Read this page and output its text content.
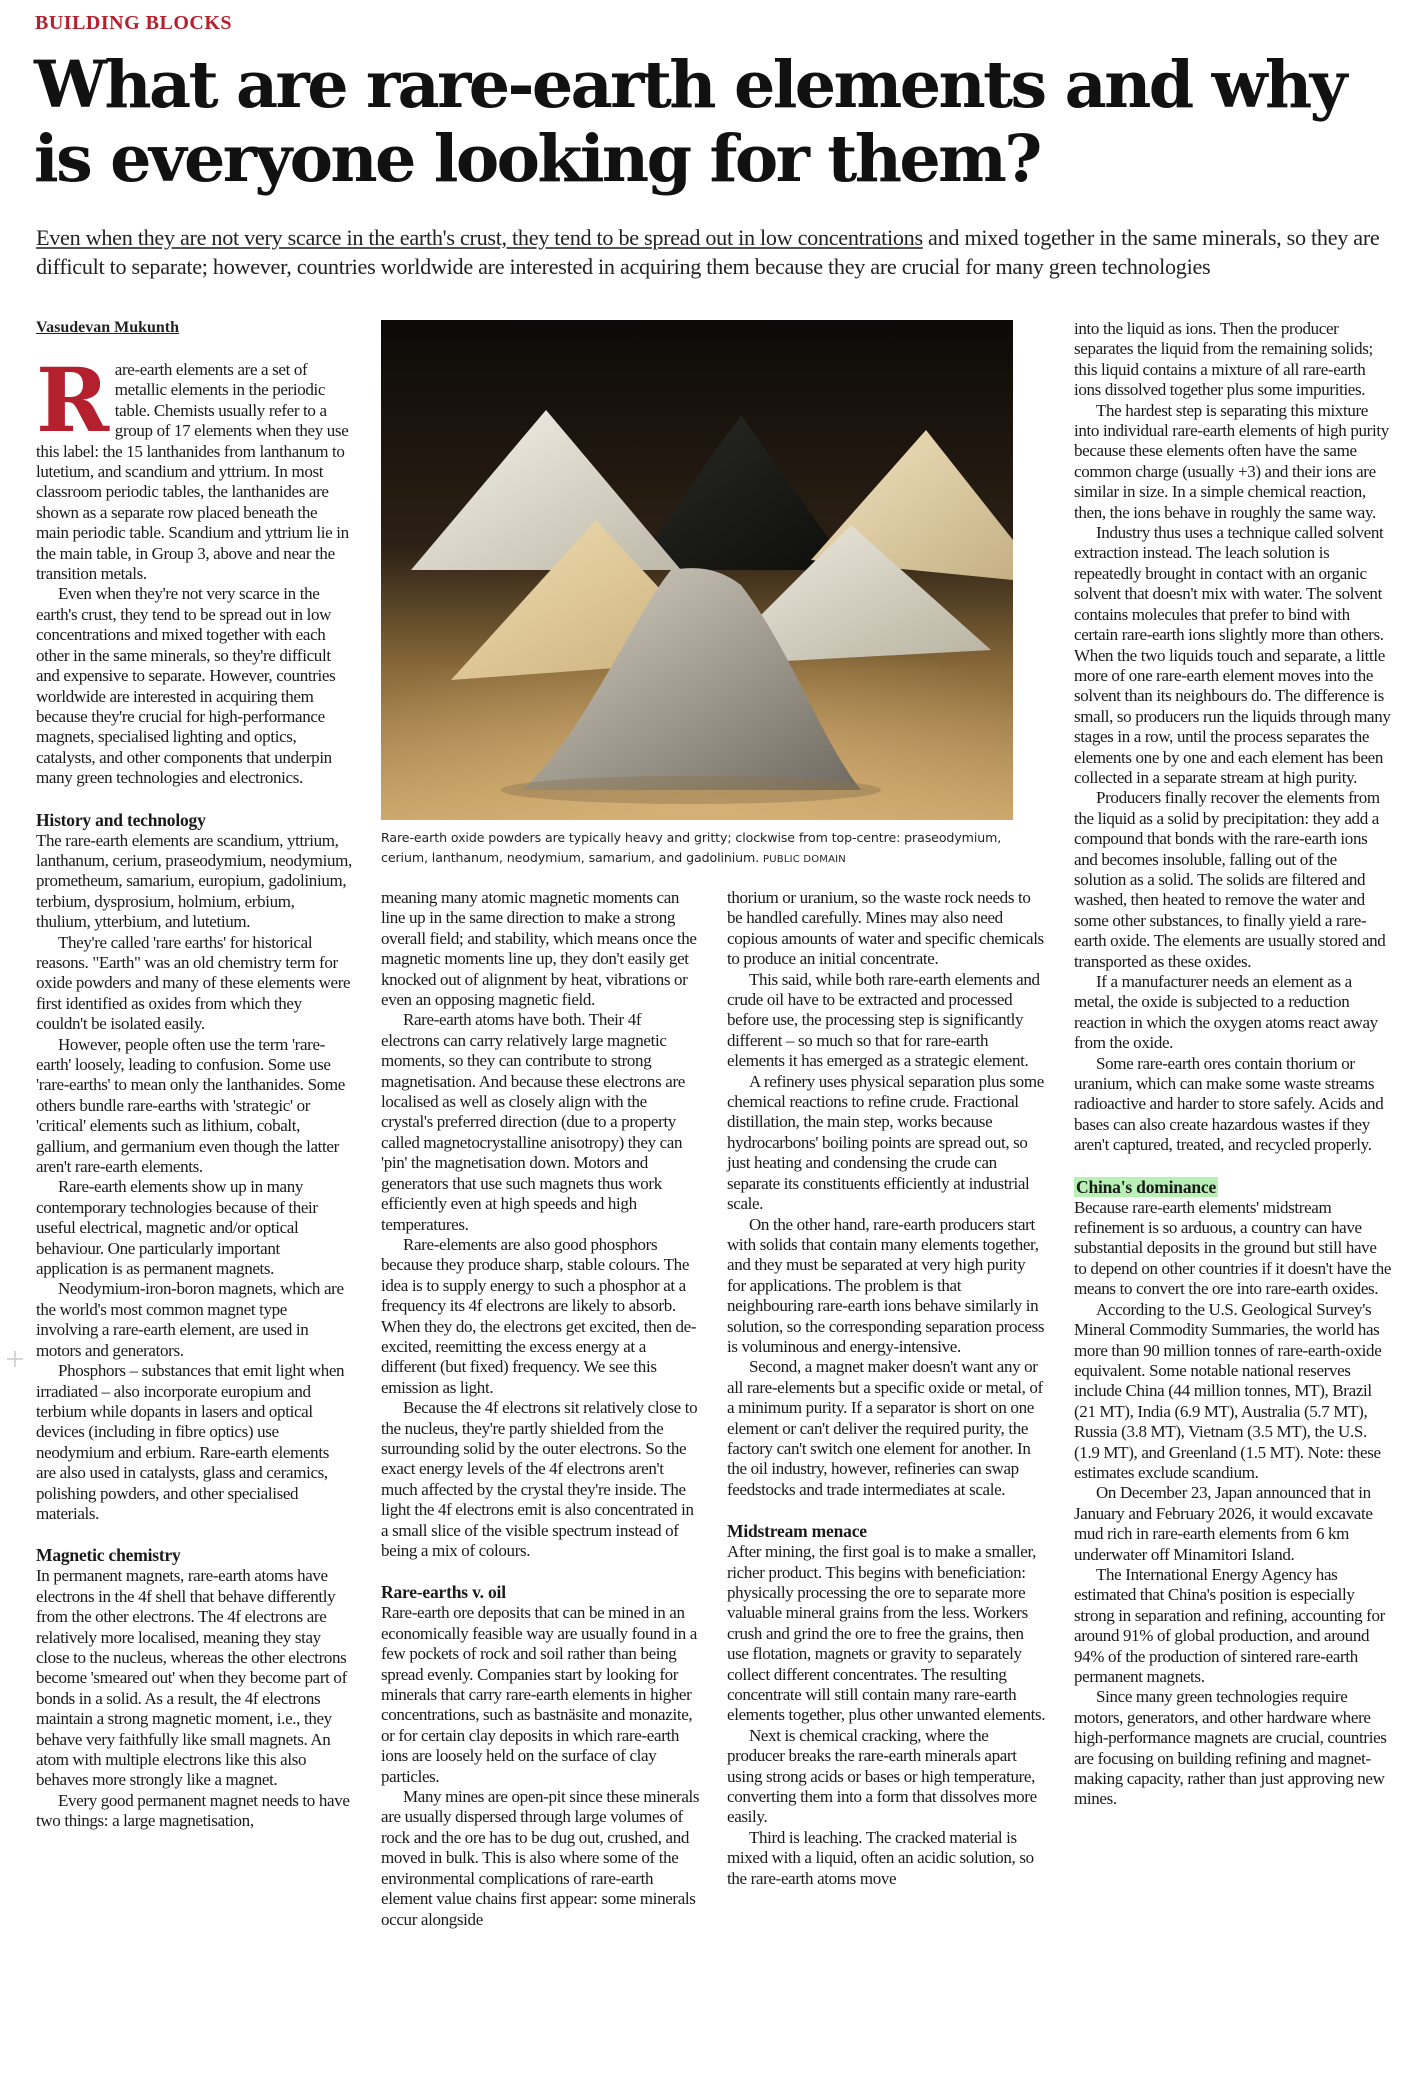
BUILDING BLOCKS
What are rare-earth elements and why is everyone looking for them?

Even when they are not very scarce in the earth's crust, they tend to be spread out in low concentrations and mixed together in the same minerals, so they are difficult to separate; however, countries worldwide are interested in acquiring them because they are crucial for many green technologies

Vasudevan Mukunth

Rare-earth elements are a set of metallic elements in the periodic table. Chemists usually refer to a group of 17 elements when they use this label: the 15 lanthanides from lanthanum to lutetium, and scandium and yttrium. In most classroom periodic tables, the lanthanides are shown as a separate row placed beneath the main periodic table. Scandium and yttrium lie in the main table, in Group 3, above and near the transition metals.

Even when they're not very scarce in the earth's crust, they tend to be spread out in low concentrations and mixed together with each other in the same minerals, so they're difficult and expensive to separate. However, countries worldwide are interested in acquiring them because they're crucial for high-performance magnets, specialised lighting and optics, catalysts, and other components that underpin many green technologies and electronics.

History and technology

The rare-earth elements are scandium, yttrium, lanthanum, cerium, praseodymium, neodymium, prometheum, samarium, europium, gadolinium, terbium, dysprosium, holmium, erbium, thulium, ytterbium, and lutetium.

They're called 'rare earths' for historical reasons. "Earth" was an old chemistry term for oxide powders and many of these elements were first identified as oxides from which they couldn't be isolated easily.

However, people often use the term 'rare-earth' loosely, leading to confusion. Some use 'rare-earths' to mean only the lanthanides. Some others bundle rare-earths with 'strategic' or 'critical' elements such as lithium, cobalt, gallium, and germanium even though the latter aren't rare-earth elements.

Rare-earth elements show up in many contemporary technologies because of their useful electrical, magnetic and/or optical behaviour. One particularly important application is as permanent magnets.

Neodymium-iron-boron magnets, which are the world's most common magnet type involving a rare-earth element, are used in motors and generators.

Phosphors – substances that emit light when irradiated – also incorporate europium and terbium while dopants in lasers and optical devices (including in fibre optics) use neodymium and erbium. Rare-earth elements are also used in catalysts, glass and ceramics, polishing powders, and other specialised materials.

Magnetic chemistry

In permanent magnets, rare-earth atoms have electrons in the 4f shell that behave differently from the other electrons. The 4f electrons are relatively more localised, meaning they stay close to the nucleus, whereas the other electrons become 'smeared out' when they become part of bonds in a solid. As a result, the 4f electrons maintain a strong magnetic moment, i.e., they behave very faithfully like small magnets. An atom with multiple electrons like this also behaves more strongly like a magnet.

Every good permanent magnet needs to have two things: a large magnetisation,

Rare-earth oxide powders are typically heavy and gritty; clockwise from top-centre: praseodymium, cerium, lanthanum, neodymium, samarium, and gadolinium. PUBLIC DOMAIN

meaning many atomic magnetic moments can line up in the same direction to make a strong overall field; and stability, which means once the magnetic moments line up, they don't easily get knocked out of alignment by heat, vibrations or even an opposing magnetic field.

Rare-earth atoms have both. Their 4f electrons can carry relatively large magnetic moments, so they can contribute to strong magnetisation. And because these electrons are localised as well as closely align with the crystal's preferred direction (due to a property called magnetocrystalline anisotropy) they can 'pin' the magnetisation down. Motors and generators that use such magnets thus work efficiently even at high speeds and high temperatures.

Rare-elements are also good phosphors because they produce sharp, stable colours. The idea is to supply energy to such a phosphor at a frequency its 4f electrons are likely to absorb. When they do, the electrons get excited, then de-excited, reemitting the excess energy at a different (but fixed) frequency. We see this emission as light.

Because the 4f electrons sit relatively close to the nucleus, they're partly shielded from the surrounding solid by the outer electrons. So the exact energy levels of the 4f electrons aren't much affected by the crystal they're inside. The light the 4f electrons emit is also concentrated in a small slice of the visible spectrum instead of being a mix of colours.

Rare-earths v. oil

Rare-earth ore deposits that can be mined in an economically feasible way are usually found in a few pockets of rock and soil rather than being spread evenly. Companies start by looking for minerals that carry rare-earth elements in higher concentrations, such as bastnäsite and monazite, or for certain clay deposits in which rare-earth ions are loosely held on the surface of clay particles.

Many mines are open-pit since these minerals are usually dispersed through large volumes of rock and the ore has to be dug out, crushed, and moved in bulk. This is also where some of the environmental complications of rare-earth element value chains first appear: some minerals occur alongside

thorium or uranium, so the waste rock needs to be handled carefully. Mines may also need copious amounts of water and specific chemicals to produce an initial concentrate.

This said, while both rare-earth elements and crude oil have to be extracted and processed before use, the processing step is significantly different – so much so that for rare-earth elements it has emerged as a strategic element.

A refinery uses physical separation plus some chemical reactions to refine crude. Fractional distillation, the main step, works because hydrocarbons' boiling points are spread out, so just heating and condensing the crude can separate its constituents efficiently at industrial scale.

On the other hand, rare-earth producers start with solids that contain many elements together, and they must be separated at very high purity for applications. The problem is that neighbouring rare-earth ions behave similarly in solution, so the corresponding separation process is voluminous and energy-intensive.

Second, a magnet maker doesn't want any or all rare-elements but a specific oxide or metal, of a minimum purity. If a separator is short on one element or can't deliver the required purity, the factory can't switch one element for another. In the oil industry, however, refineries can swap feedstocks and trade intermediates at scale.

Midstream menace

After mining, the first goal is to make a smaller, richer product. This begins with beneficiation: physically processing the ore to separate more valuable mineral grains from the less. Workers crush and grind the ore to free the grains, then use flotation, magnets or gravity to separately collect different concentrates. The resulting concentrate will still contain many rare-earth elements together, plus other unwanted elements.

Next is chemical cracking, where the producer breaks the rare-earth minerals apart using strong acids or bases or high temperature, converting them into a form that dissolves more easily.

Third is leaching. The cracked material is mixed with a liquid, often an acidic solution, so the rare-earth atoms move

into the liquid as ions. Then the producer separates the liquid from the remaining solids; this liquid contains a mixture of all rare-earth ions dissolved together plus some impurities.

The hardest step is separating this mixture into individual rare-earth elements of high purity because these elements often have the same common charge (usually +3) and their ions are similar in size. In a simple chemical reaction, then, the ions behave in roughly the same way.

Industry thus uses a technique called solvent extraction instead. The leach solution is repeatedly brought in contact with an organic solvent that doesn't mix with water. The solvent contains molecules that prefer to bind with certain rare-earth ions slightly more than others. When the two liquids touch and separate, a little more of one rare-earth element moves into the solvent than its neighbours do. The difference is small, so producers run the liquids through many stages in a row, until the process separates the elements one by one and each element has been collected in a separate stream at high purity.

Producers finally recover the elements from the liquid as a solid by precipitation: they add a compound that bonds with the rare-earth ions and becomes insoluble, falling out of the solution as a solid. The solids are filtered and washed, then heated to remove the water and some other substances, to finally yield a rare-earth oxide. The elements are usually stored and transported as these oxides.

If a manufacturer needs an element as a metal, the oxide is subjected to a reduction reaction in which the oxygen atoms react away from the oxide.

Some rare-earth ores contain thorium or uranium, which can make some waste streams radioactive and harder to store safely. Acids and bases can also create hazardous wastes if they aren't captured, treated, and recycled properly.

China's dominance

Because rare-earth elements' midstream refinement is so arduous, a country can have substantial deposits in the ground but still have to depend on other countries if it doesn't have the means to convert the ore into rare-earth oxides.

According to the U.S. Geological Survey's Mineral Commodity Summaries, the world has more than 90 million tonnes of rare-earth-oxide equivalent. Some notable national reserves include China (44 million tonnes, MT), Brazil (21 MT), India (6.9 MT), Australia (5.7 MT), Russia (3.8 MT), Vietnam (3.5 MT), the U.S. (1.9 MT), and Greenland (1.5 MT). Note: these estimates exclude scandium.

On December 23, Japan announced that in January and February 2026, it would excavate mud rich in rare-earth elements from 6 km underwater off Minamitori Island.

The International Energy Agency has estimated that China's position is especially strong in separation and refining, accounting for around 91% of global production, and around 94% of the production of sintered rare-earth permanent magnets.

Since many green technologies require motors, generators, and other hardware where high-performance magnets are crucial, countries are focusing on building refining and magnet-making capacity, rather than just approving new mines.
